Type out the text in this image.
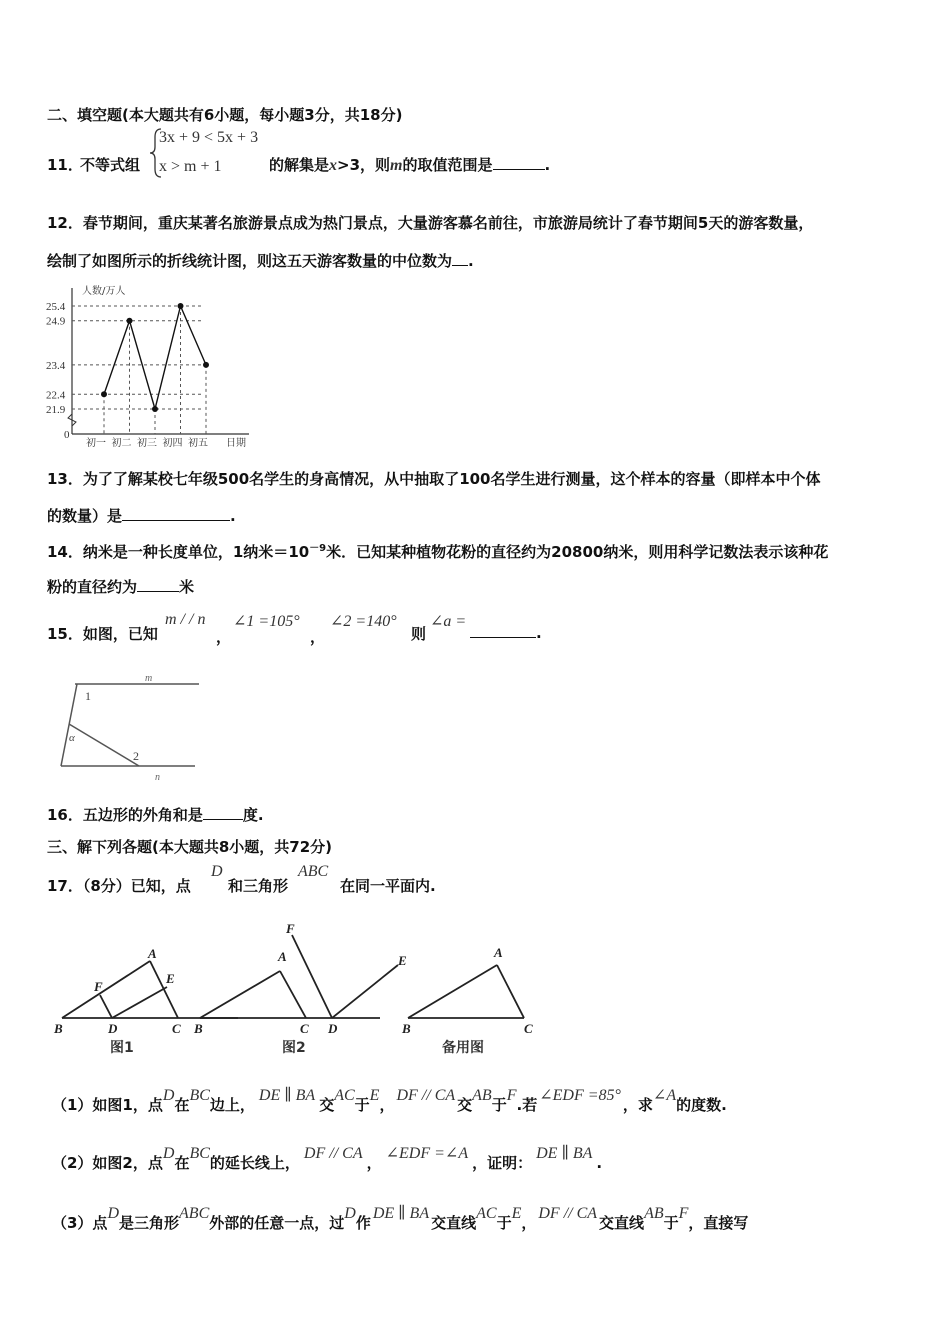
二、填空题(本大题共有6小题，每小题3分，共18分)
11．
不等式组
3x + 9 < 5x + 3
x > m + 1	的解集是x>3，则m的取值范围是	.
12．春节期间，重庆某著名旅游景点成为热门景点，大量游客慕名前往，市旅游局统计了春节期间5天的游客数量，
绘制了如图所示的折线统计图，则这五天游客数量的中位数为 .
25.4
24.9
23.4
22.4
21.9
初一 初二 初三 初四 初五 日期
人数/万人
0
13．为了了解某校七年级500名学生的身高情况，从中抽取了100名学生进行测量，这个样本的容量（即样本中个体
的数量）是	.
14．纳米是一种长度单位，1纳米$=10^{-9}$米．已知某种植物花粉的直径约为20800纳米，则用科学记数法表示该种花
粉的直径约为	米
15．如图，已知
m / / n
，
∠1 =105°
，
∠2 =140°
则
∠a =
.
m
n
1
2
α
16．五边形的外角和是	度.
三、解下列各题(本大题共8小题，共72分)
17．（8分）已知，点
D
和三角形
ABC
在同一平面内.
A
B	C
D
E
F
A
B	C D
E
F
A
B	C
图1	图2	备用图
（1）如图1，点D在BC边上，DE ∥ BA交AC于E，DF // CA交AB于F.若∠EDF =85°，求∠A的度数.
（2）如图2，点D在BC的延长线上，DF // CA，∠EDF =∠A，证明：DE ∥ BA.
（3）点D是三角形ABC外部的任意一点，过D作DE ∥ BA交直线AC于E，DF // CA交直线AB于F，直接写
